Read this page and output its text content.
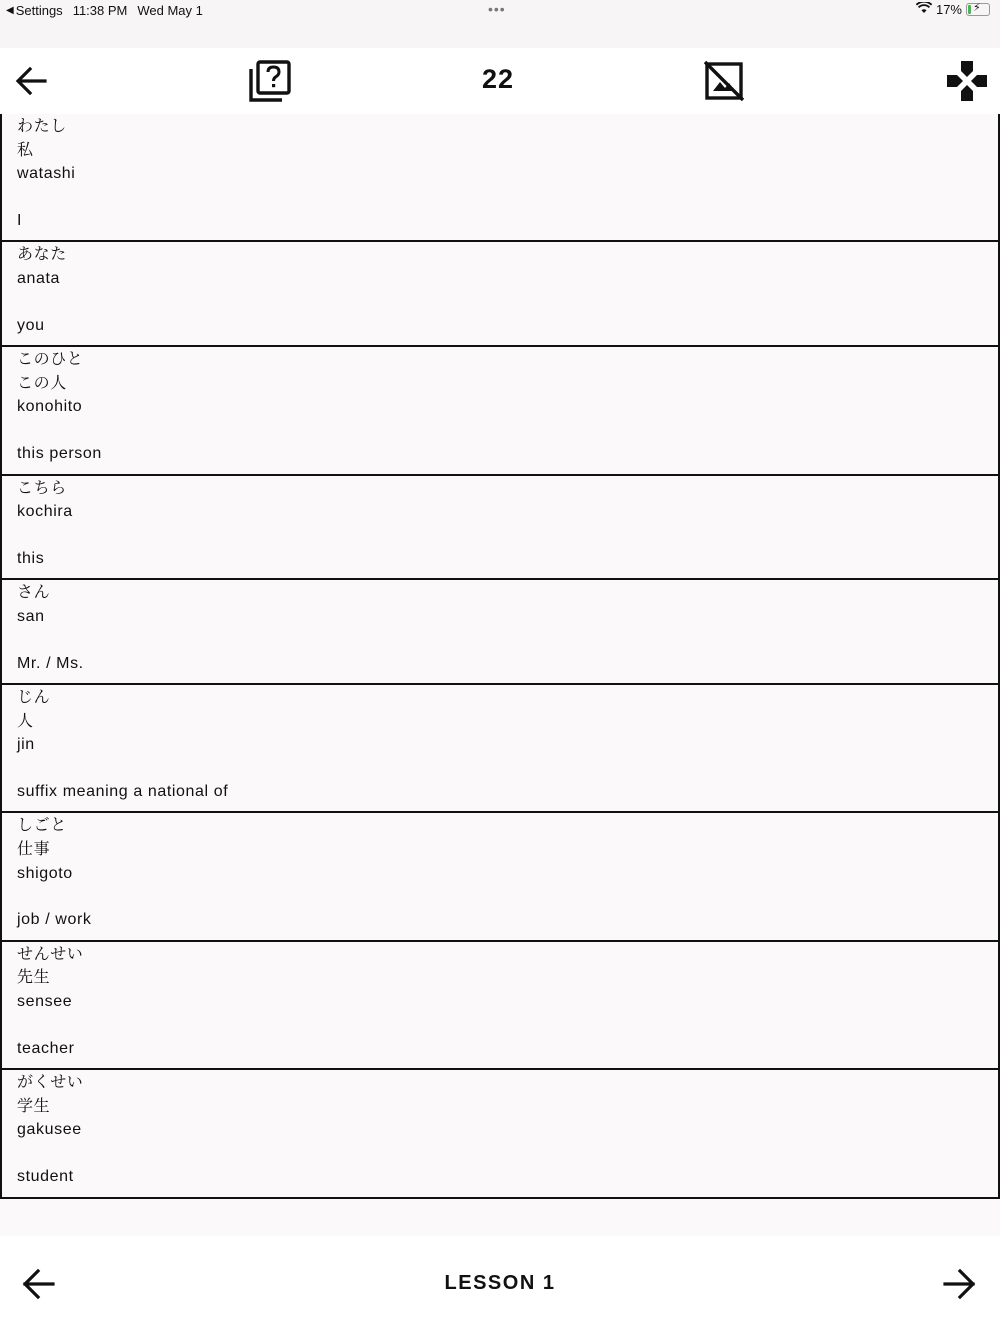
◀ Settings 11:38 PM Wed May 1	•••	17% ⚡
22
わたし
私
watashi
I
あなた
anata
you
このひと
この人
konohito
this person
こちら
kochira
this
さん
san
Mr. / Ms.
じん
人
jin
suffix meaning a national of
しごと
仕事
shigoto
job / work
せんせい
先生
sensee
teacher
がくせい
学生
gakusee
student
LESSON 1
